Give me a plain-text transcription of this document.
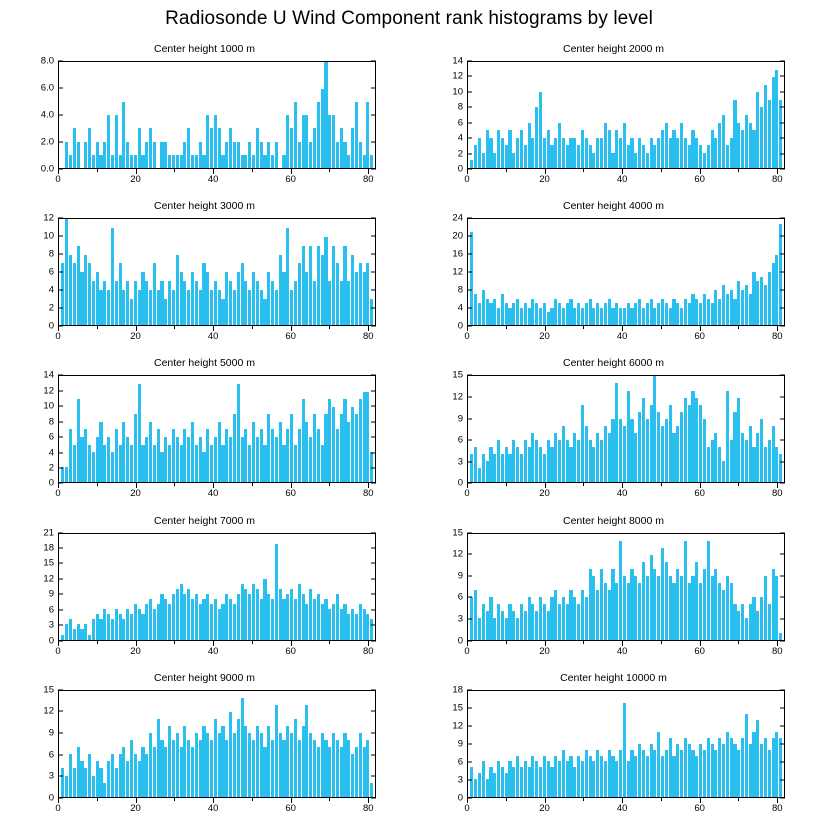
Radiosonde U Wind Component rank histograms by level
Center height 1000 m
0.0
2.0
4.0
6.0
8.0
0	20	40	60	80
Center height 2000 m
0
2
4
6
8
10
12
14
0	20	40	60	80
Center height 3000 m
0
2
4
6
8
10
12
0	20	40	60	80
Center height 4000 m
0
4
8
12
16
20
24
0	20	40	60	80
Center height 5000 m
0
2
4
6
8
10
12
14
0	20	40	60	80
Center height 6000 m
0
3
6
9
12
15
0	20	40	60	80
Center height 7000 m
0
3
6
9
12
15
18
21
0	20	40	60	80
Center height 8000 m
0
3
6
9
12
15
0	20	40	60	80
Center height 9000 m
0
3
6
9
12
15
0	20	40	60	80
Center height 10000 m
0
3
6
9
12
15
18
0	20	40	60	80
